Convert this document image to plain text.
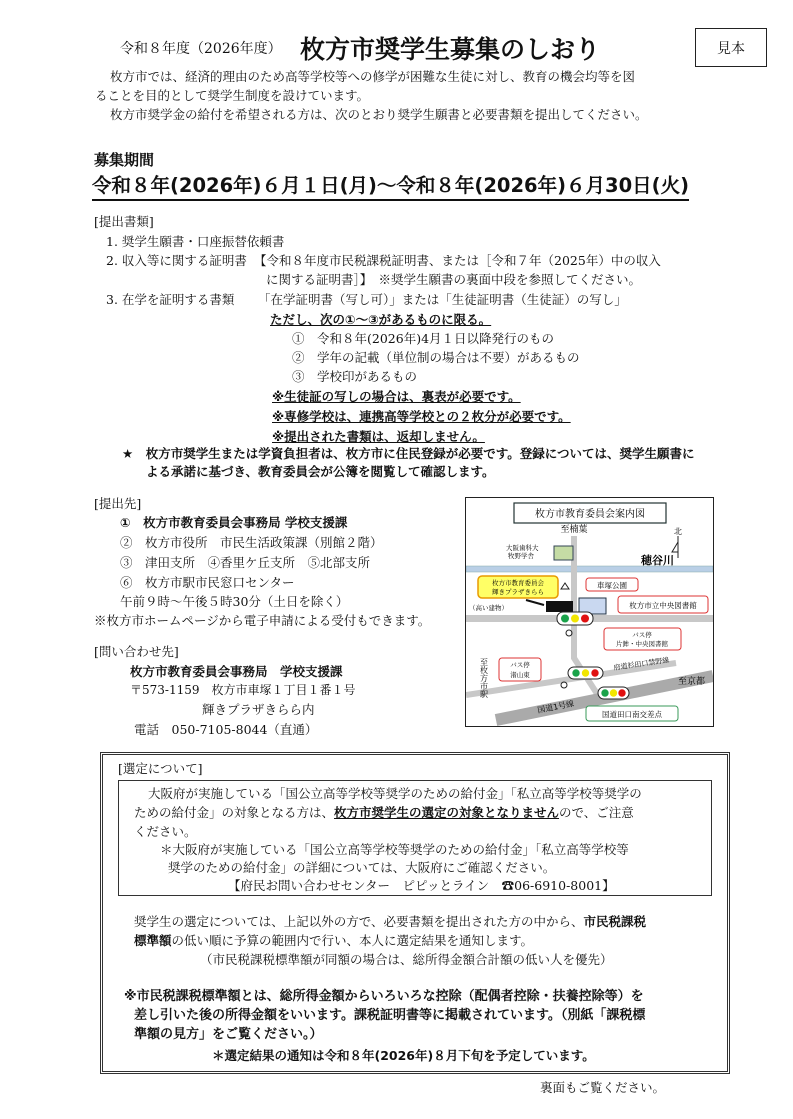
令和８年度（2026年度） 枚方市奨学生募集のしおり	見本
枚方市では、経済的理由のため高等学校等への修学が困難な生徒に対し、教育の機会均等を図
ることを目的として奨学生制度を設けています。
枚方市奨学金の給付を希望される方は、次のとおり奨学生願書と必要書類を提出してください。
募集期間
令和８年(2026年)６月１日(月)～令和８年(2026年)６月30日(火)
[提出書類]
1. 奨学生願書・口座振替依頼書
2. 収入等に関する証明書 【令和８年度市民税課税証明書、または［令和７年（2025年）中の収入
に関する証明書］】　※奨学生願書の裏面中段を参照してください。
3. 在学を証明する書類 「在学証明書（写し可）」または「生徒証明書（生徒証）の写し」
ただし、次の①～③があるものに限る。
①　令和８年(2026年)4月１日以降発行のもの
②　学年の記載（単位制の場合は不要）があるもの
③　学校印があるもの
※生徒証の写しの場合は、裏表が必要です。
※専修学校は、連携高等学校との２枚分が必要です。
※提出された書類は、返却しません。
★　枚方市奨学生または学資負担者は、枚方市に住民登録が必要です。登録については、奨学生願書に
よる承諾に基づき、教育委員会が公簿を閲覧して確認します。
[提出先]
①　枚方市教育委員会事務局 学校支援課
②　枚方市役所　市民生活政策課（別館２階）
③　津田支所　④香里ケ丘支所　⑤北部支所
⑥　枚方市駅市民窓口センター
午前９時～午後５時30分（土日を除く）
※枚方市ホームページから電子申請による受付もできます。
[問い合わせ先]
枚方市教育委員会事務局　学校支援課
〒573-1159　枚方市車塚１丁目１番１号
輝きプラザきらら内
電話　050-7105-8044（直通）
枚方市教育委員会案内図
穂谷川
至楠葉	北
大阪歯科大
牧野学舎
枚方市教育委員会
輝きプラザきらら
（高い建物）
車塚公園
枚方市立中央図書館
バス停
片鉾・中央図書館
至枚方市駅	バス停
渚山東
府道杉田口禁野線
至京都
国道1号線	国道田口南交差点
[選定について]
大阪府が実施している「国公立高等学校等奨学のための給付金」「私立高等学校等奨学の
ための給付金」の対象となる方は、枚方市奨学生の選定の対象となりませんので、ご注意
ください。
＊大阪府が実施している「国公立高等学校等奨学のための給付金」「私立高等学校等
奨学のための給付金」の詳細については、大阪府にご確認ください。
【府民お問い合わせセンター　ピピッとライン　☎06-6910-8001】
奨学生の選定については、上記以外の方で、必要書類を提出された方の中から、市民税課税
標準額の低い順に予算の範囲内で行い、本人に選定結果を通知します。
（市民税課税標準額が同額の場合は、総所得金額合計額の低い人を優先）
※市民税課税標準額とは、総所得金額からいろいろな控除（配偶者控除・扶養控除等）を
差し引いた後の所得金額をいいます。課税証明書等に掲載されています。（別紙「課税標
準額の見方」をご覧ください。）
＊選定結果の通知は令和８年(2026年)８月下旬を予定しています。
裏面もご覧ください。
